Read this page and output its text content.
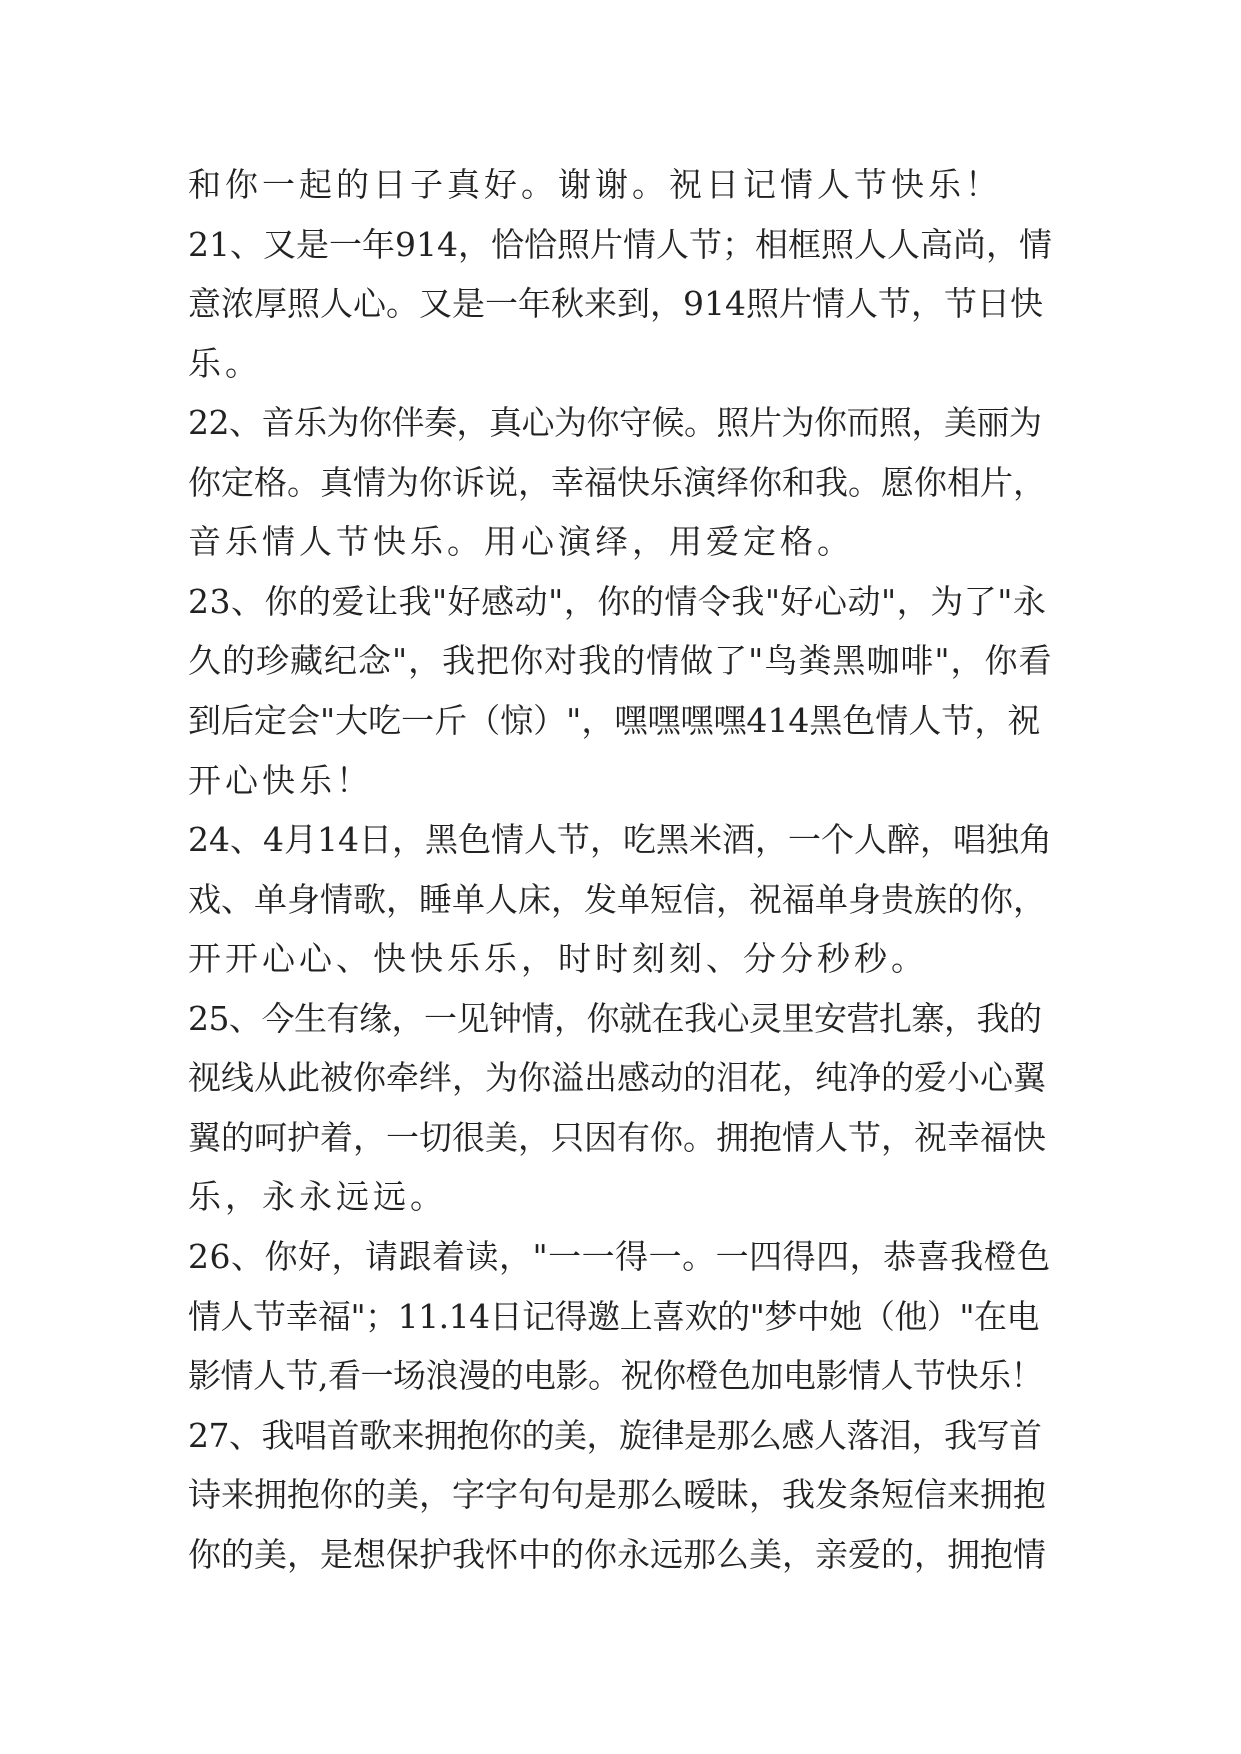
和你一起的日子真好。谢谢。祝日记情人节快乐！
21、又是一年914，恰恰照片情人节；相框照人人高尚，情
意浓厚照人心。又是一年秋来到，914照片情人节，节日快
乐。
22、音乐为你伴奏，真心为你守候。照片为你而照，美丽为
你定格。真情为你诉说，幸福快乐演绎你和我。愿你相片，
音乐情人节快乐。用心演绎，用爱定格。
23、你的爱让我"好感动"，你的情令我"好心动"，为了"永
久的珍藏纪念"，我把你对我的情做了"鸟粪黑咖啡"，你看
到后定会"大吃一斤（惊）"，嘿嘿嘿嘿414黑色情人节，祝
开心快乐！
24、4月14日，黑色情人节，吃黑米酒，一个人醉，唱独角
戏、单身情歌，睡单人床，发单短信，祝福单身贵族的你，
开开心心、快快乐乐，时时刻刻、分分秒秒。
25、今生有缘，一见钟情，你就在我心灵里安营扎寨，我的
视线从此被你牵绊，为你溢出感动的泪花，纯净的爱小心翼
翼的呵护着，一切很美，只因有你。拥抱情人节，祝幸福快
乐，永永远远。
26、你好，请跟着读，"一一得一。一四得四，恭喜我橙色
情人节幸福"；11.14日记得邀上喜欢的"梦中她（他）"在电
影情人节,看一场浪漫的电影。祝你橙色加电影情人节快乐！
27、我唱首歌来拥抱你的美，旋律是那么感人落泪，我写首
诗来拥抱你的美，字字句句是那么暧昧，我发条短信来拥抱
你的美，是想保护我怀中的你永远那么美，亲爱的，拥抱情
